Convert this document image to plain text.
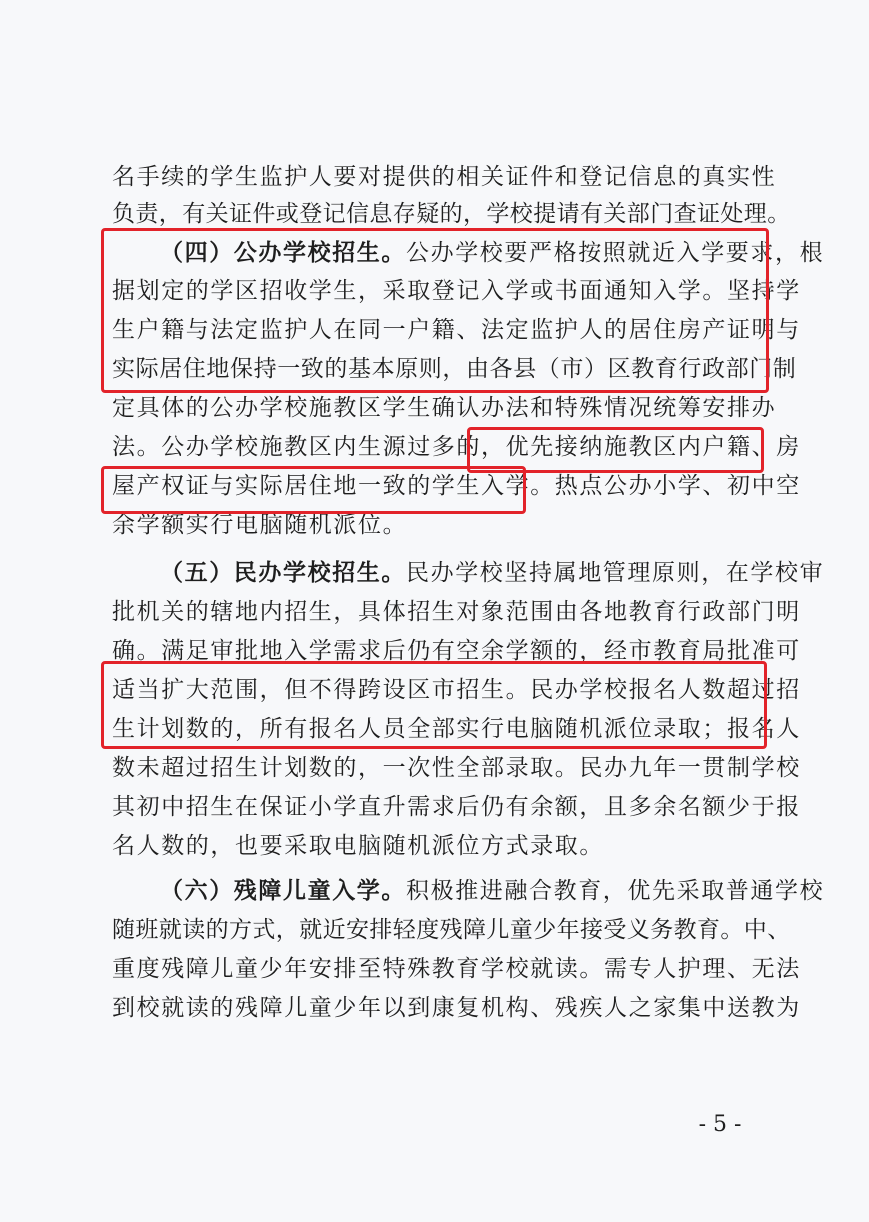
名手续的学生监护人要对提供的相关证件和登记信息的真实性
负责，有关证件或登记信息存疑的，学校提请有关部门查证处理。
（四）公办学校招生。公办学校要严格按照就近入学要求，根
据划定的学区招收学生，采取登记入学或书面通知入学。坚持学
生户籍与法定监护人在同一户籍、法定监护人的居住房产证明与
实际居住地保持一致的基本原则，由各县（市）区教育行政部门制
定具体的公办学校施教区学生确认办法和特殊情况统筹安排办
法。公办学校施教区内生源过多的，优先接纳施教区内户籍、房
屋产权证与实际居住地一致的学生入学。热点公办小学、初中空
余学额实行电脑随机派位。
（五）民办学校招生。民办学校坚持属地管理原则，在学校审
批机关的辖地内招生，具体招生对象范围由各地教育行政部门明
确。满足审批地入学需求后仍有空余学额的，经市教育局批准可
适当扩大范围，但不得跨设区市招生。民办学校报名人数超过招
生计划数的，所有报名人员全部实行电脑随机派位录取；报名人
数未超过招生计划数的，一次性全部录取。民办九年一贯制学校
其初中招生在保证小学直升需求后仍有余额，且多余名额少于报
名人数的，也要采取电脑随机派位方式录取。
（六）残障儿童入学。积极推进融合教育，优先采取普通学校
随班就读的方式，就近安排轻度残障儿童少年接受义务教育。中、
重度残障儿童少年安排至特殊教育学校就读。需专人护理、无法
到校就读的残障儿童少年以到康复机构、残疾人之家集中送教为
- 5 -
